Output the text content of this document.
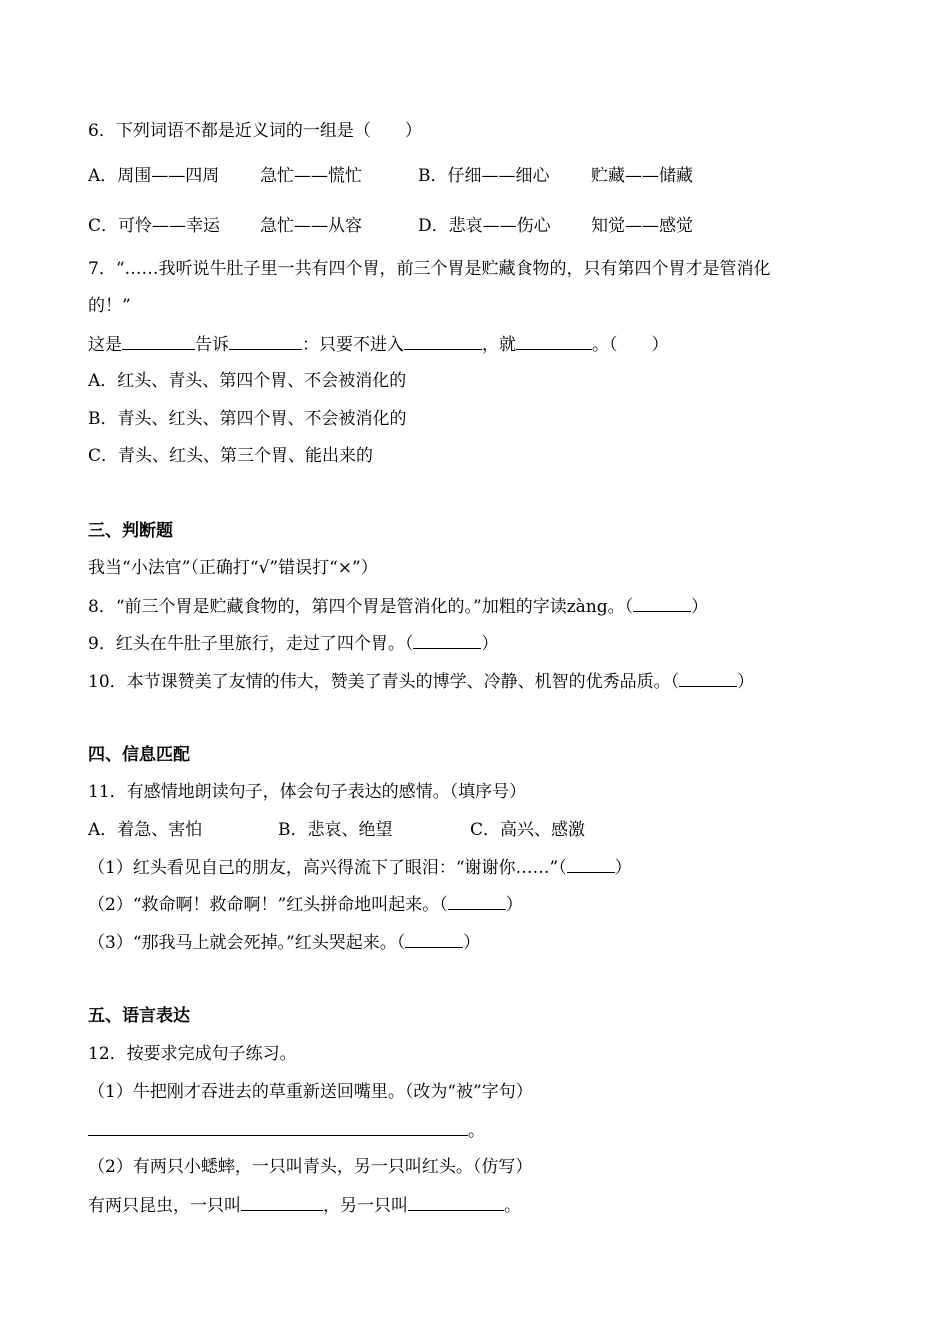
6．下列词语不都是近义词的一组是（　　）
A．周围——四周 急忙——慌忙	B．仔细——细心 贮藏——储藏
C．可怜——幸运 急忙——从容	D．悲哀——伤心 知觉——感觉
7．“……我听说牛肚子里一共有四个胃，前三个胃是贮藏食物的，只有第四个胃才是管消化
的！”
这是	告诉	：只要不进入	，就	。（　　）
A．红头、青头、第四个胃、不会被消化的
B．青头、红头、第四个胃、不会被消化的
C．青头、红头、第三个胃、能出来的
三、判断题
我当“小法官”（正确打“√”错误打“×”）
8．“前三个胃是贮藏食物的，第四个胃是管消化的。”加粗的字读zàng。（	）
9．红头在牛肚子里旅行，走过了四个胃。（	）
10．本节课赞美了友情的伟大，赞美了青头的博学、冷静、机智的优秀品质。（	）
四、信息匹配
11．有感情地朗读句子，体会句子表达的感情。（填序号）
A．着急、害怕	B．悲哀、绝望	C．高兴、感激
（1）红头看见自己的朋友，高兴得流下了眼泪：“谢谢你……”（	）
（2）“救命啊！救命啊！”红头拼命地叫起来。（	）
（3）“那我马上就会死掉。”红头哭起来。（	）
五、语言表达
12．按要求完成句子练习。
（1）牛把刚才吞进去的草重新送回嘴里。（改为“被”字句）
。
（2）有两只小蟋蟀，一只叫青头，另一只叫红头。（仿写）
有两只昆虫，一只叫	，另一只叫	。
